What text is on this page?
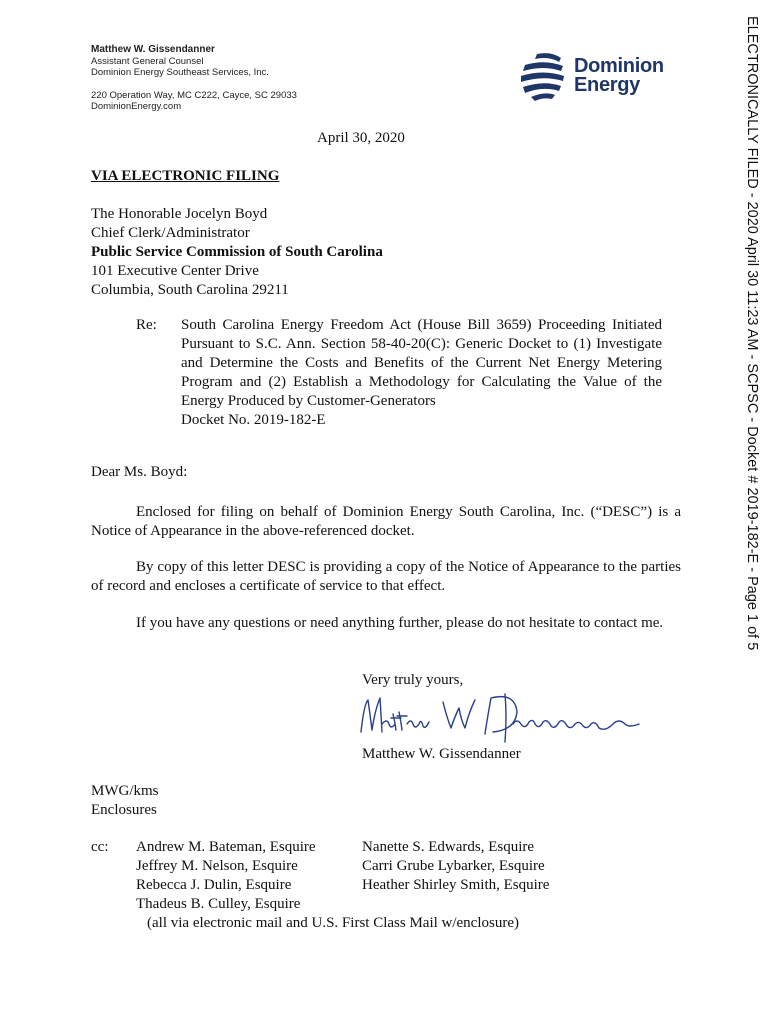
Matthew W. Gissendanner
Assistant General Counsel
Dominion Energy Southeast Services, Inc.
220 Operation Way, MC C222, Cayce, SC 29033
DominionEnergy.com
Dominion
Energy	ELECTRONICALLY FILED - 2020 April 30 11:23 AM - SCPSC - Docket # 2019-182-E - Page 1 of 5
April 30, 2020
VIA ELECTRONIC FILING
The Honorable Jocelyn Boyd
Chief Clerk/Administrator
Public Service Commission of South Carolina
101 Executive Center Drive
Columbia, South Carolina 29211
Re: South Carolina Energy Freedom Act (House Bill 3659) Proceeding Initiated Pursuant to S.C. Ann. Section 58-40-20(C): Generic Docket to (1) Investigate and Determine the Costs and Benefits of the Current Net Energy Metering Program and (2) Establish a Methodology for Calculating the Value of the Energy Produced by Customer-Generators
Docket No. 2019-182-E
Dear Ms. Boyd:
Enclosed for filing on behalf of Dominion Energy South Carolina, Inc. (“DESC”) is a Notice of Appearance in the above-referenced docket.
By copy of this letter DESC is providing a copy of the Notice of Appearance to the parties of record and encloses a certificate of service to that effect.
If you have any questions or need anything further, please do not hesitate to contact me.
Very truly yours,
Matthew W. Gissendanner
MWG/kms
Enclosures
cc: Andrew M. Bateman, Esquire
Jeffrey M. Nelson, Esquire
Rebecca J. Dulin, Esquire
Thadeus B. Culley, Esquire
Nanette S. Edwards, Esquire
Carri Grube Lybarker, Esquire
Heather Shirley Smith, Esquire
(all via electronic mail and U.S. First Class Mail w/enclosure)
